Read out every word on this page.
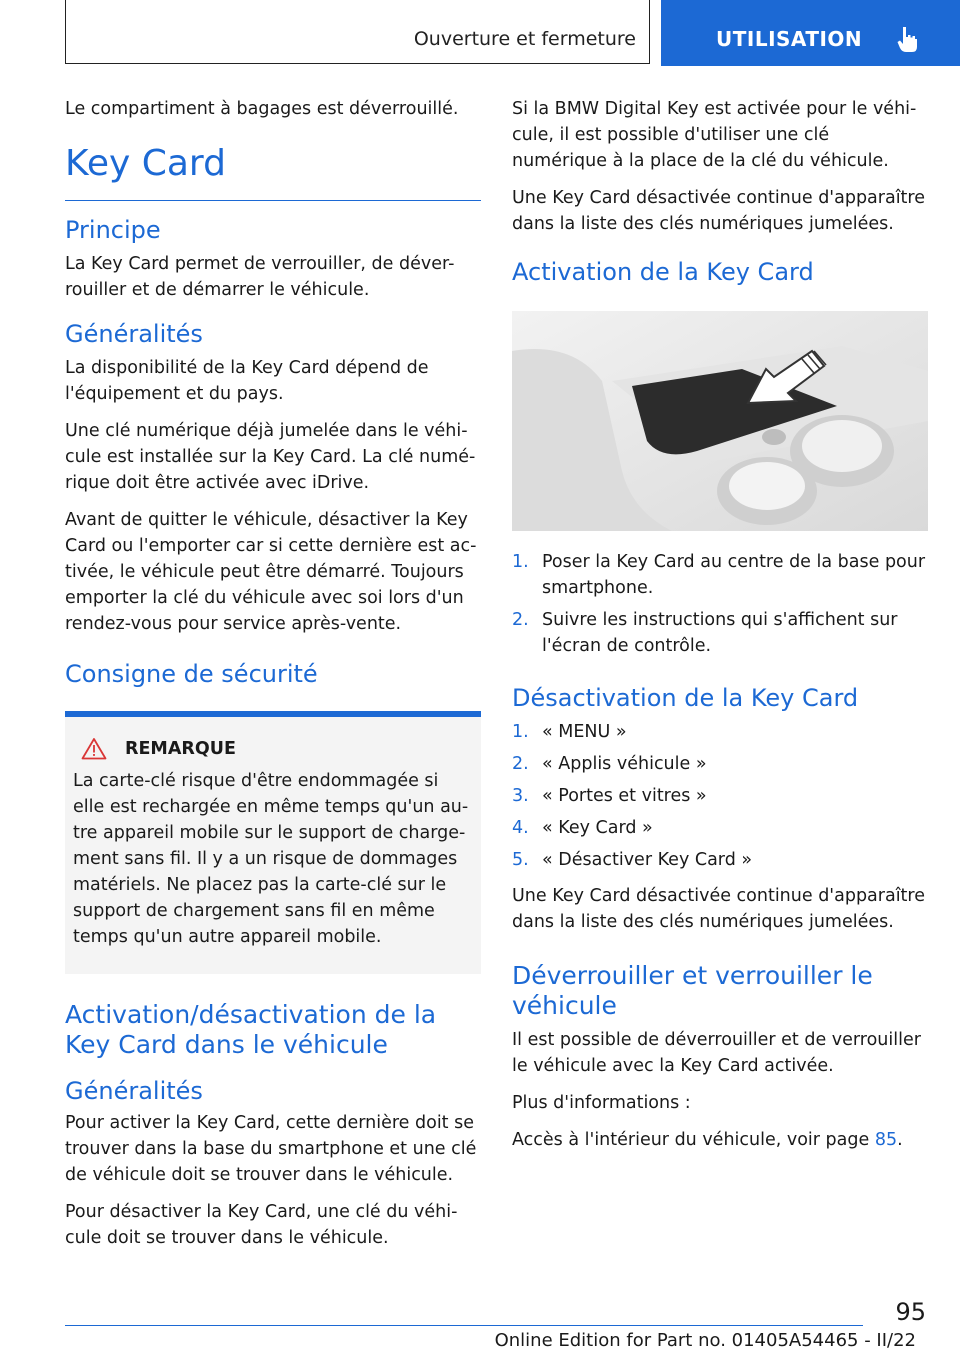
Ouverture et fermeture	UTILISATION

Le compartiment à bagages est déverrouillé.

Key Card
Principe

La Key Card permet de verrouiller, de déver-rouiller et de démarrer le véhicule.

Généralités

La disponibilité de la Key Card dépend de l'équipement et du pays.

Une clé numérique déjà jumelée dans le véhi-cule est installée sur la Key Card. La clé numé-rique doit être activée avec iDrive.

Avant de quitter le véhicule, désactiver la Key Card ou l'emporter car si cette dernière est ac-tivée, le véhicule peut être démarré. Toujours emporter la clé du véhicule avec soi lors d'un rendez-vous pour service après-vente.

Consigne de sécurité
REMARQUE

La carte-clé risque d'être endommagée si elle est rechargée en même temps qu'un au-tre appareil mobile sur le support de charge-ment sans fil. Il y a un risque de dommages matériels. Ne placez pas la carte-clé sur le support de chargement sans fil en même temps qu'un autre appareil mobile.

Activation/désactivation de la Key Card dans le véhicule
Généralités

Pour activer la Key Card, cette dernière doit se trouver dans la base du smartphone et une clé de véhicule doit se trouver dans le véhicule.

Pour désactiver la Key Card, une clé du véhi-cule doit se trouver dans le véhicule.

Si la BMW Digital Key est activée pour le véhi-cule, il est possible d'utiliser une clé numérique à la place de la clé du véhicule.

Une Key Card désactivée continue d'apparaître dans la liste des clés numériques jumelées.

Activation de la Key Card
1. Poser la Key Card au centre de la base pour smartphone.
2. Suivre les instructions qui s'affichent sur l'écran de contrôle.
Désactivation de la Key Card
1. « MENU »
2. « Applis véhicule »
3. « Portes et vitres »
4. « Key Card »
5. « Désactiver Key Card »

Une Key Card désactivée continue d'apparaître dans la liste des clés numériques jumelées.

Déverrouiller et verrouiller le véhicule

Il est possible de déverrouiller et de verrouiller le véhicule avec la Key Card activée.

Plus d'informations :

Accès à l'intérieur du véhicule, voir page 85.

95
Online Edition for Part no. 01405A54465 - II/22
